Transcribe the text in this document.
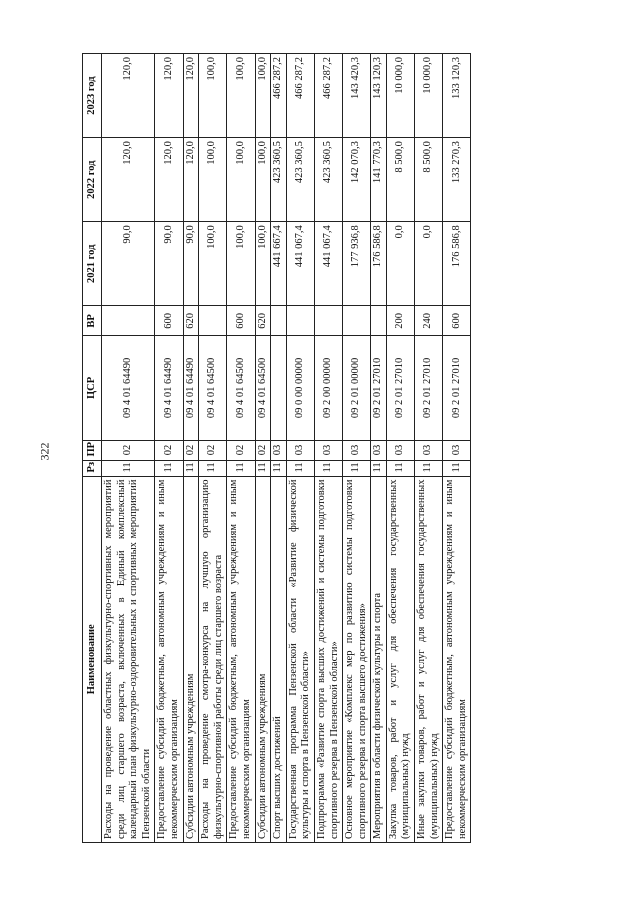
322
Наименование	Рз	ПР	ЦСР	ВР	2021 год	2022 год	2023 год
Расходы на проведение областных физкультурно-спортивных мероприятий среди лиц старшего возраста, включенных в Единый комплексный календарный план физкультурно-оздоровительных и спортивных мероприятий Пензенской области	11	02	09 4 01 64490		90,0	120,0	120,0
Предоставление субсидий бюджетным, автономным учреждениям и иным некоммерческим организациям	11	02	09 4 01 64490	600	90,0	120,0	120,0
Субсидии автономным учреждениям	11	02	09 4 01 64490	620	90,0	120,0	120,0
Расходы на проведение смотра-конкурса на лучшую организацию физкультурно-спортивной работы среди лиц старшего возраста	11	02	09 4 01 64500		100,0	100,0	100,0
Предоставление субсидий бюджетным, автономным учреждениям и иным некоммерческим организациям	11	02	09 4 01 64500	600	100,0	100,0	100,0
Субсидии автономным учреждениям	11	02	09 4 01 64500	620	100,0	100,0	100,0
Спорт высших достижений	11	03			441 667,4	423 360,5	466 287,2
Государственная программа Пензенской области «Развитие физической культуры и спорта в Пензенской области»	11	03	09 0 00 00000		441 067,4	423 360,5	466 287,2
Подпрограмма «Развитие спорта высших достижений и системы подготовки спортивного резерва в Пензенской области»	11	03	09 2 00 00000		441 067,4	423 360,5	466 287,2
Основное мероприятие «Комплекс мер по развитию системы подготовки спортивного резерва и спорта высшего достижения»	11	03	09 2 01 00000		177 936,8	142 070,3	143 420,3
Мероприятия в области физической культуры и спорта	11	03	09 2 01 27010		176 586,8	141 770,3	143 120,3
Закупка товаров, работ и услуг для обеспечения государственных (муниципальных) нужд	11	03	09 2 01 27010	200	0,0	8 500,0	10 000,0
Иные закупки товаров, работ и услуг для обеспечения государственных (муниципальных) нужд	11	03	09 2 01 27010	240	0,0	8 500,0	10 000,0
Предоставление субсидий бюджетным, автономным учреждениям и иным некоммерческим организациям	11	03	09 2 01 27010	600	176 586,8	133 270,3	133 120,3
